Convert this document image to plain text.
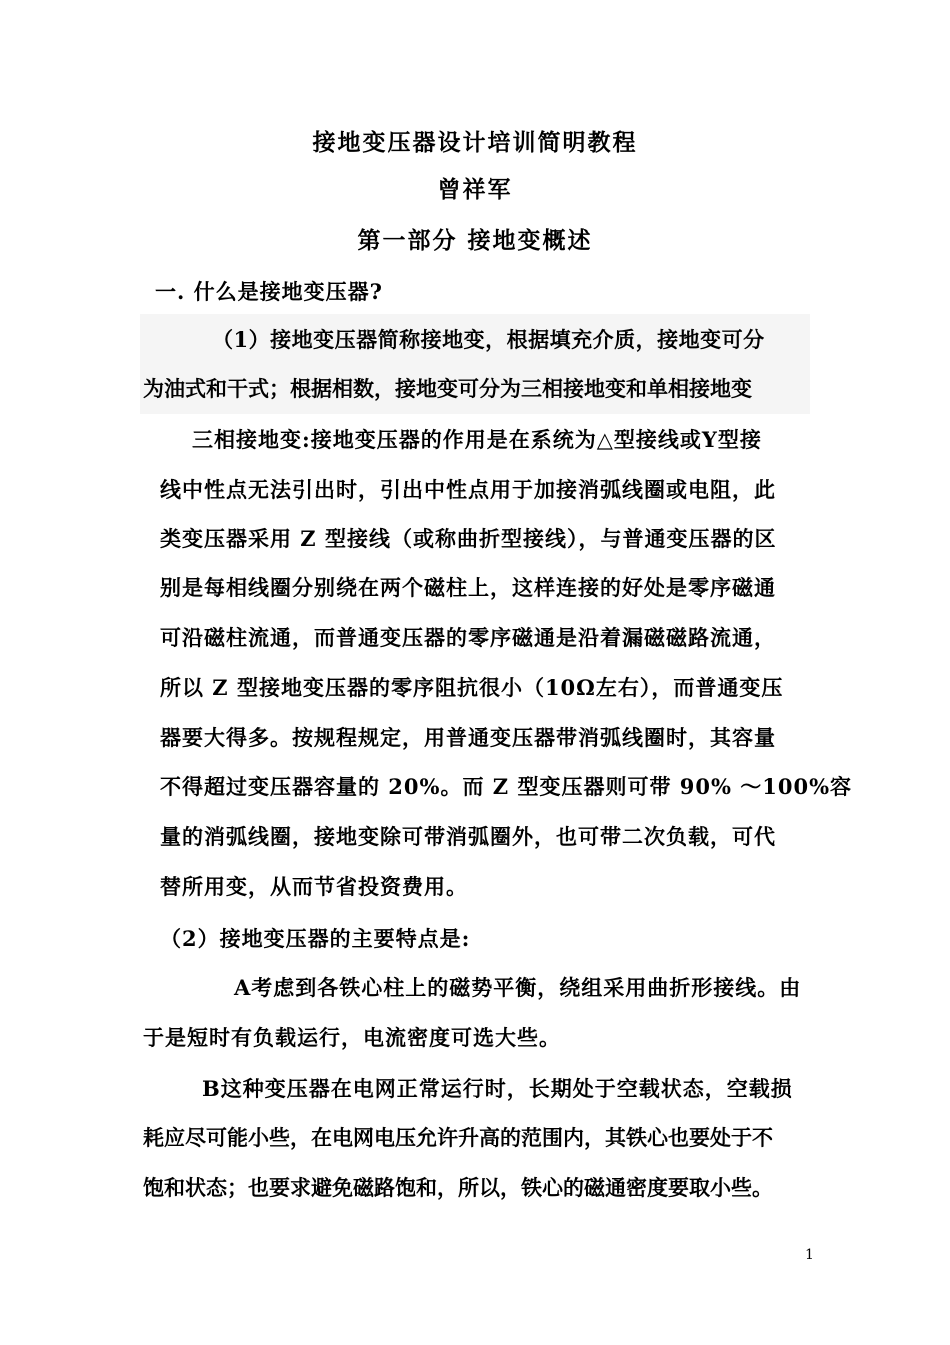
接地变压器设计培训简明教程
曾祥军
第一部分 接地变概述
一. 什么是接地变压器?
（1）接地变压器简称接地变，根据填充介质，接地变可分
为油式和干式；根据相数，接地变可分为三相接地变和单相接地变
三相接地变:接地变压器的作用是在系统为△型接线或Y型接
线中性点无法引出时，引出中性点用于加接消弧线圈或电阻，此
类变压器采用 Z 型接线（或称曲折型接线），与普通变压器的区
别是每相线圈分别绕在两个磁柱上，这样连接的好处是零序磁通
可沿磁柱流通，而普通变压器的零序磁通是沿着漏磁磁路流通，
所以 Z 型接地变压器的零序阻抗很小（10Ω左右），而普通变压
器要大得多。按规程规定，用普通变压器带消弧线圈时，其容量
不得超过变压器容量的 20%。而 Z 型变压器则可带 90% ～100%容
量的消弧线圈，接地变除可带消弧圈外，也可带二次负载，可代
替所用变，从而节省投资费用。
（2）接地变压器的主要特点是:
A考虑到各铁心柱上的磁势平衡，绕组采用曲折形接线。由
于是短时有负载运行，电流密度可选大些。
B这种变压器在电网正常运行时，长期处于空载状态，空载损
耗应尽可能小些，在电网电压允许升高的范围内，其铁心也要处于不
饱和状态；也要求避免磁路饱和，所以，铁心的磁通密度要取小些。
1
